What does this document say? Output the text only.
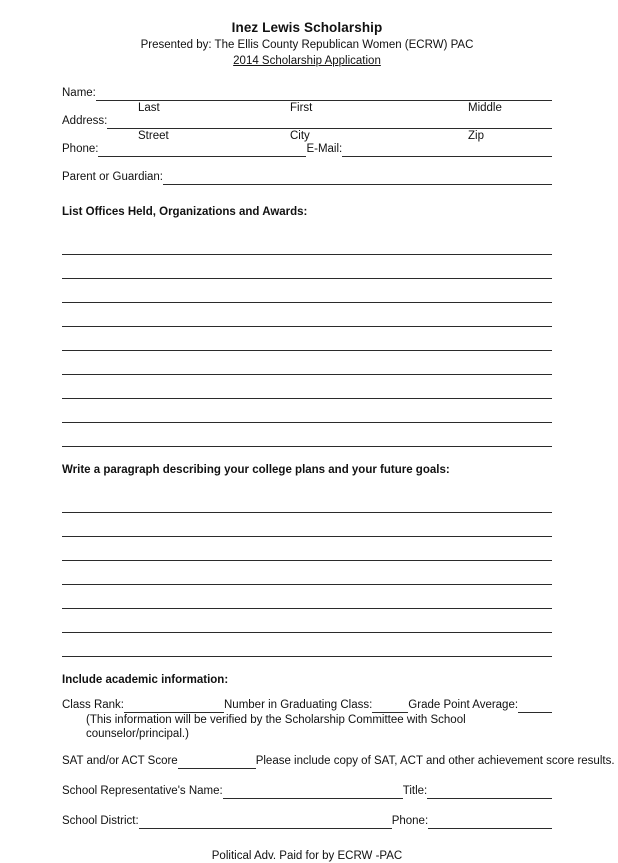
Inez Lewis Scholarship
Presented by: The Ellis County Republican Women (ECRW) PAC
2014 Scholarship Application
Name:
Last	First	Middle
Address:
Street	City	Zip
Phone:	E-Mail:
Parent or Guardian:
List Offices Held, Organizations and Awards:
Write a paragraph describing your college plans and your future goals:
Include academic information:
Class Rank:	Number in Graduating Class:	Grade Point Average:
(This information will be verified by the Scholarship Committee with School counselor/principal.)
SAT and/or ACT Score	Please include copy of SAT, ACT and other achievement score results.
School Representative's Name:	Title:
School District:	Phone:
Political Adv. Paid for by ECRW -PAC
